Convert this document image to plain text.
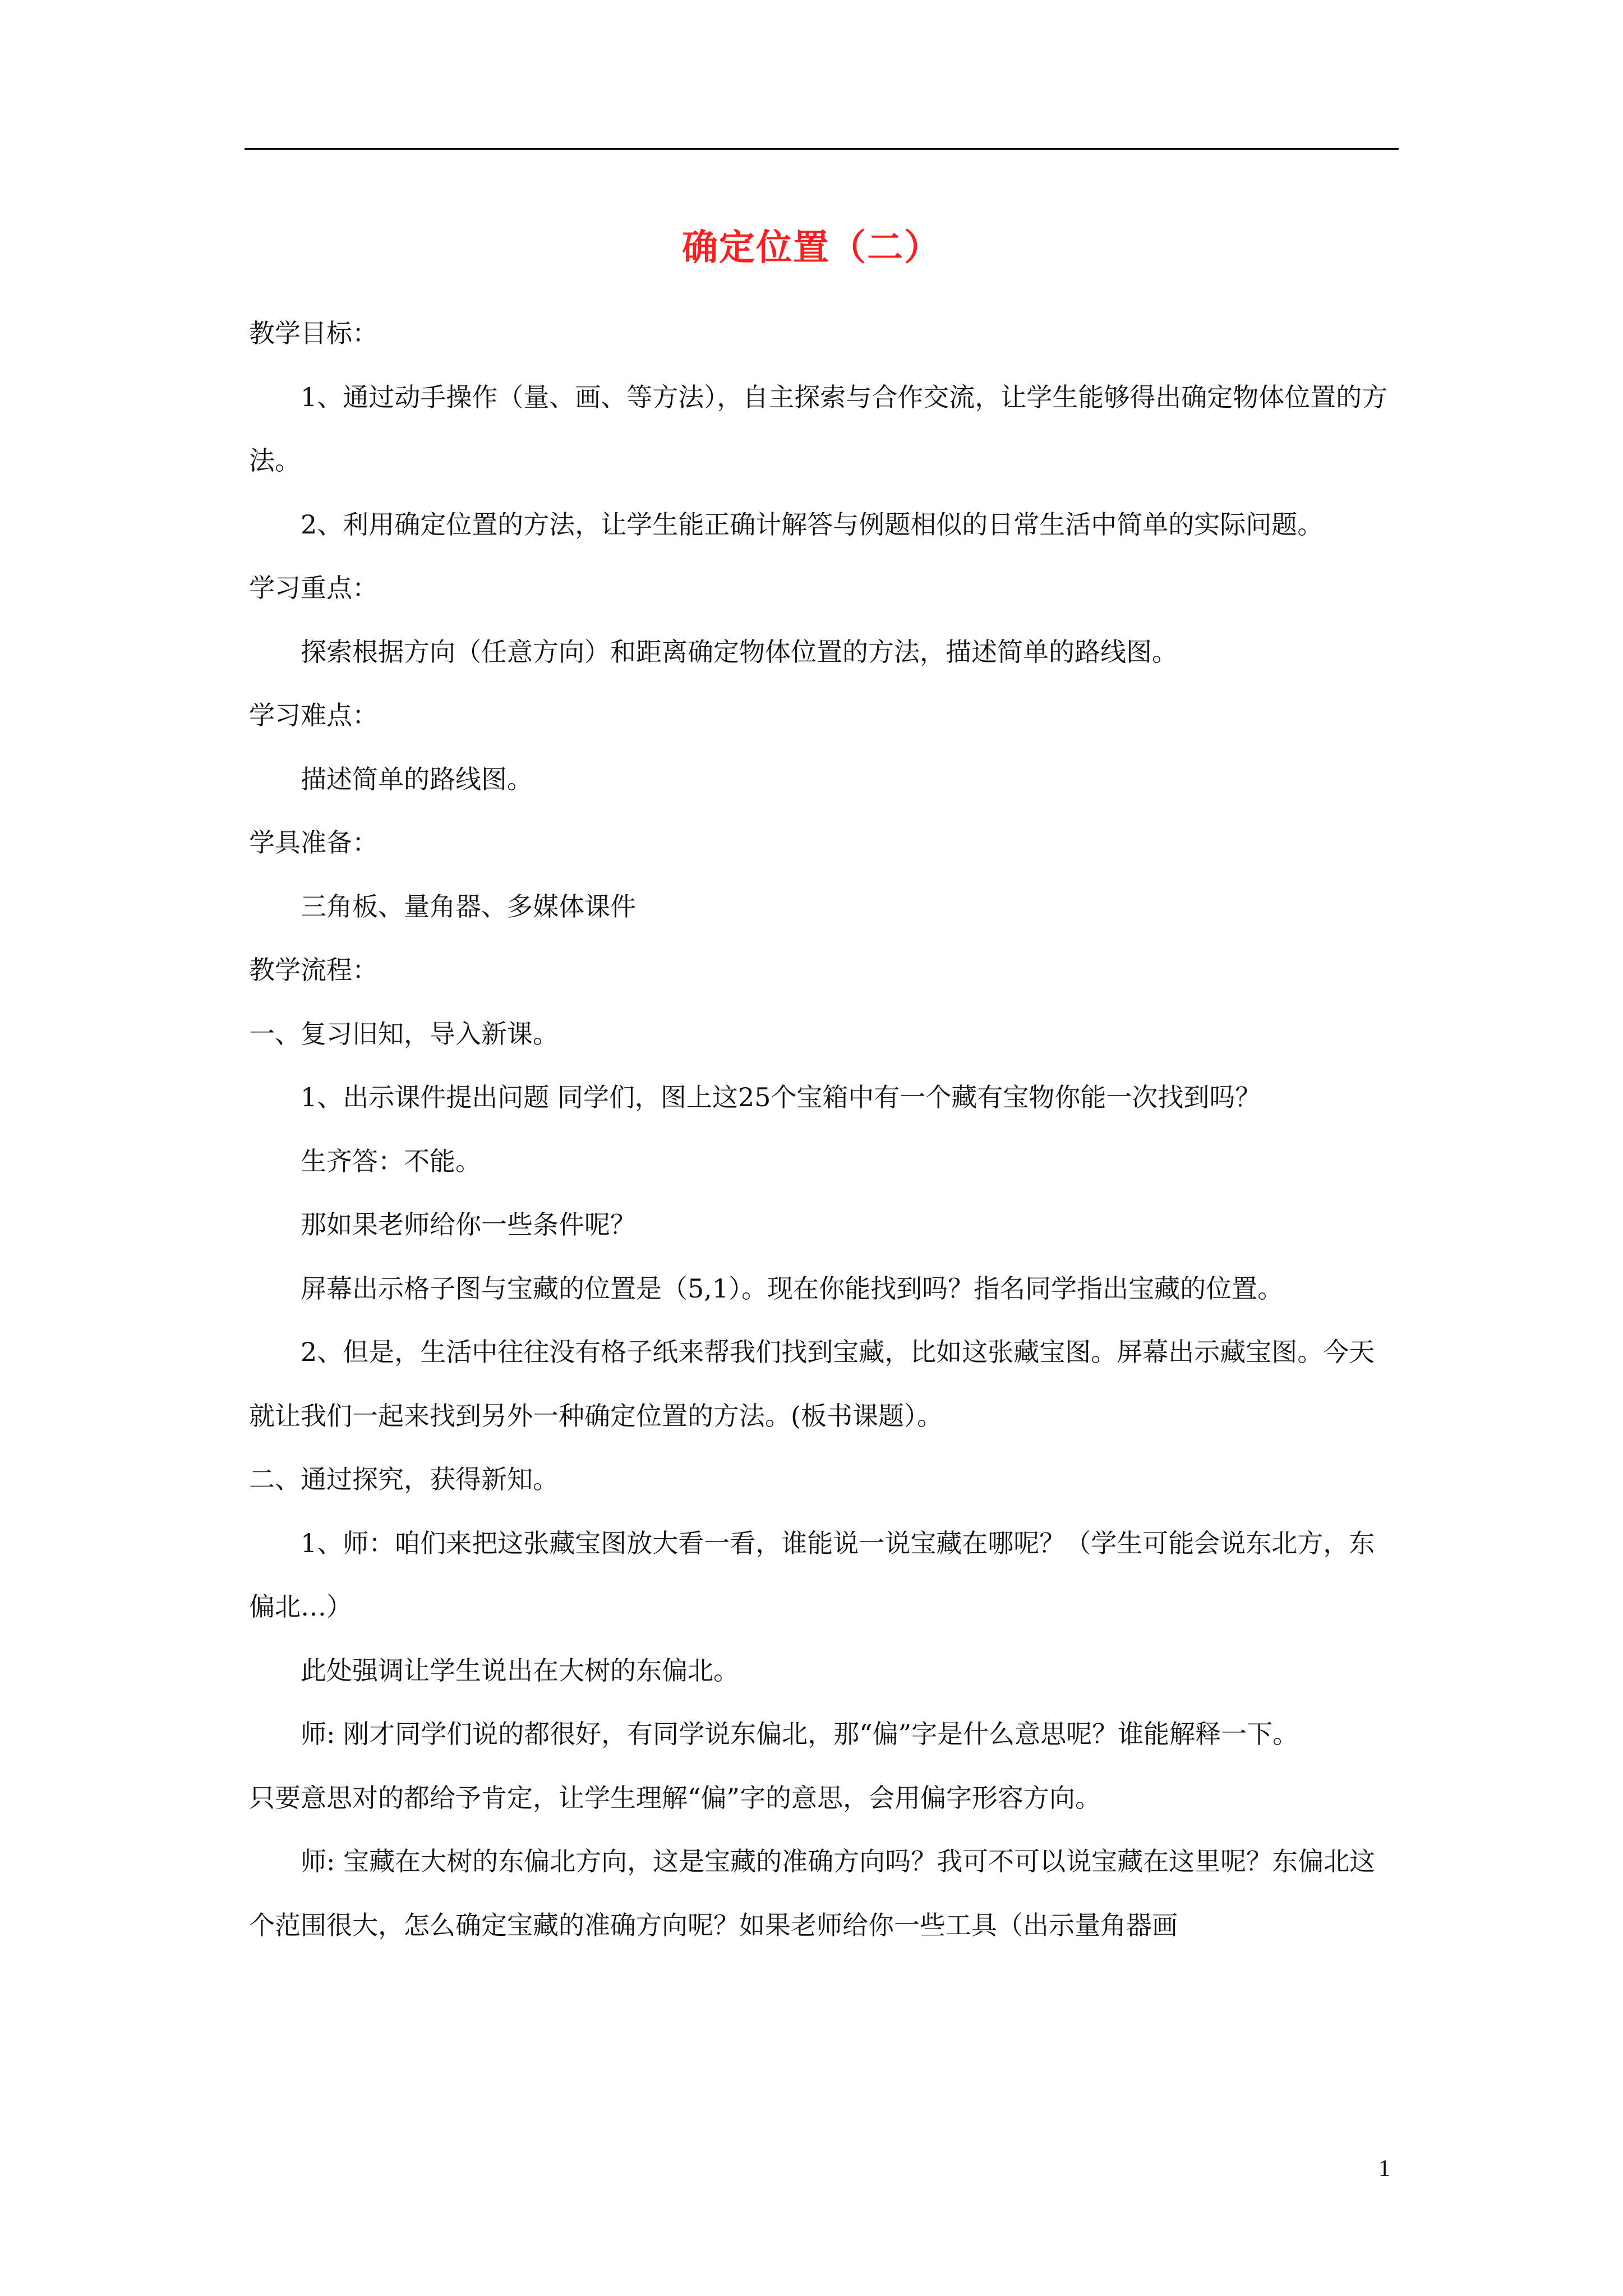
确定位置（二）

教学目标：

1、通过动手操作（量、画、等方法），自主探索与合作交流，让学生能够得出确定物体位置的方法。

2、利用确定位置的方法，让学生能正确计解答与例题相似的日常生活中简单的实际问题。

学习重点：

探索根据方向（任意方向）和距离确定物体位置的方法，描述简单的路线图。

学习难点：

描述简单的路线图。

学具准备：

三角板、量角器、多媒体课件

教学流程：

一、复习旧知，导入新课。

1、出示课件提出问题 同学们，图上这25个宝箱中有一个藏有宝物你能一次找到吗？

生齐答：不能。

那如果老师给你一些条件呢？

屏幕出示格子图与宝藏的位置是（5,1）。现在你能找到吗？指名同学指出宝藏的位置。

2、但是，生活中往往没有格子纸来帮我们找到宝藏，比如这张藏宝图。屏幕出示藏宝图。今天就让我们一起来找到另外一种确定位置的方法。(板书课题）。

二、通过探究，获得新知。

1、师：咱们来把这张藏宝图放大看一看，谁能说一说宝藏在哪呢？（学生可能会说东北方，东偏北…）

此处强调让学生说出在大树的东偏北。

师: 刚才同学们说的都很好，有同学说东偏北，那“偏”字是什么意思呢？谁能解释一下。

只要意思对的都给予肯定，让学生理解“偏”字的意思，会用偏字形容方向。

师: 宝藏在大树的东偏北方向，这是宝藏的准确方向吗？我可不可以说宝藏在这里呢？东偏北这个范围很大，怎么确定宝藏的准确方向呢？如果老师给你一些工具（出示量角器画

1
